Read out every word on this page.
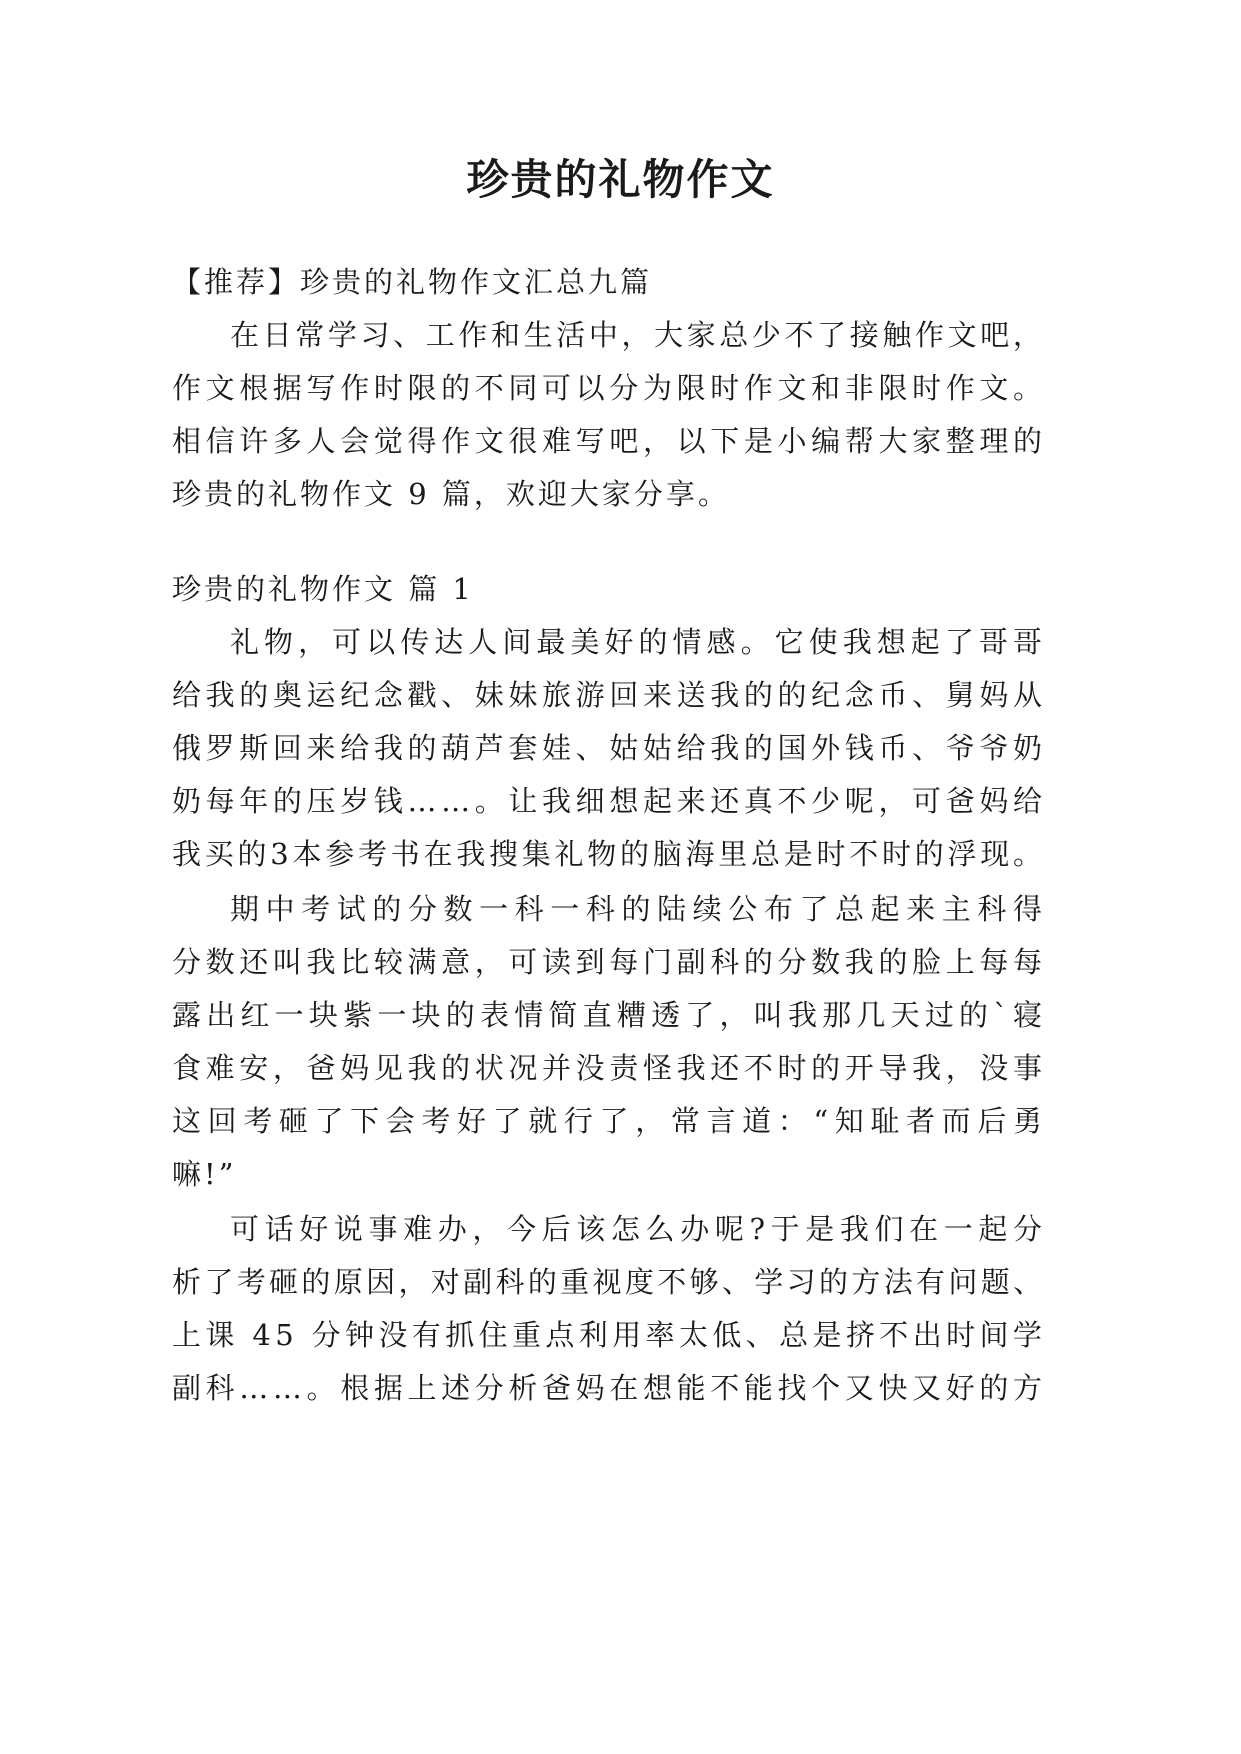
珍贵的礼物作文
【推荐】珍贵的礼物作文汇总九篇
在日常学习、工作和生活中，大家总少不了接触作文吧，
作文根据写作时限的不同可以分为限时作文和非限时作文。
相信许多人会觉得作文很难写吧，以下是小编帮大家整理的
珍贵的礼物作文 9 篇，欢迎大家分享。
珍贵的礼物作文 篇 1
礼物，可以传达人间最美好的情感。它使我想起了哥哥
给我的奥运纪念戳、妹妹旅游回来送我的的纪念币、舅妈从
俄罗斯回来给我的葫芦套娃、姑姑给我的国外钱币、爷爷奶
奶每年的压岁钱……。让我细想起来还真不少呢，可爸妈给
我买的3本参考书在我搜集礼物的脑海里总是时不时的浮现。
期中考试的分数一科一科的陆续公布了总起来主科得
分数还叫我比较满意，可读到每门副科的分数我的脸上每每
露出红一块紫一块的表情简直糟透了，叫我那几天过的`寝
食难安，爸妈见我的状况并没责怪我还不时的开导我，没事
这回考砸了下会考好了就行了，常言道：“知耻者而后勇
嘛!”
可话好说事难办，今后该怎么办呢?于是我们在一起分
析了考砸的原因，对副科的重视度不够、学习的方法有问题、
上课 45 分钟没有抓住重点利用率太低、总是挤不出时间学
副科……。根据上述分析爸妈在想能不能找个又快又好的方
